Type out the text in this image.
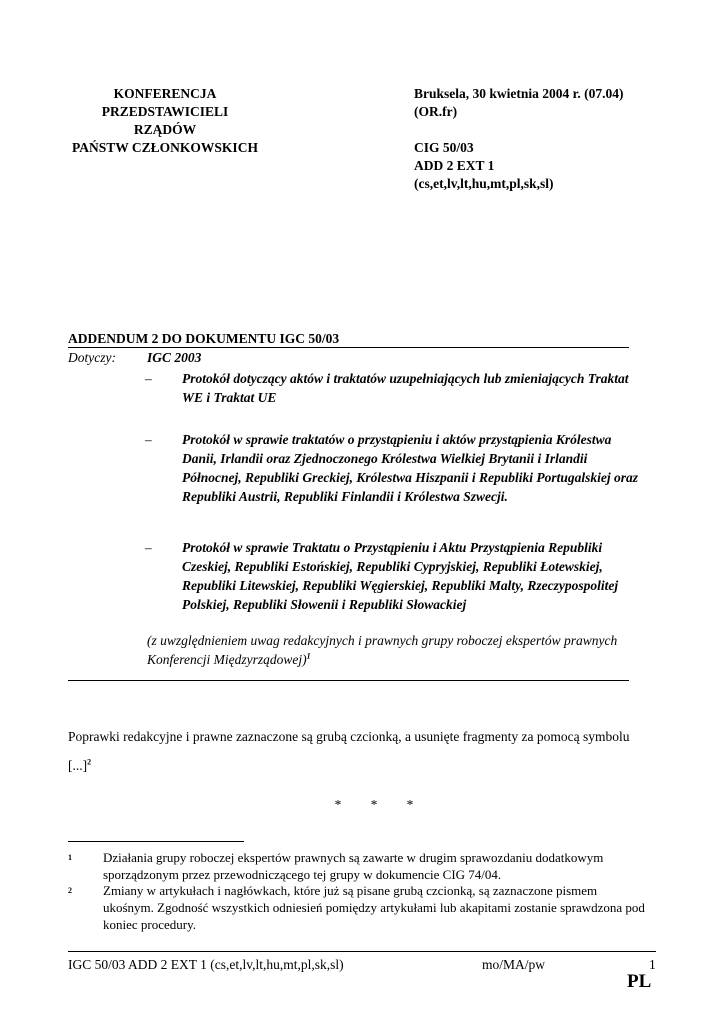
KONFERENCJA
PRZEDSTAWICIELI
RZĄDÓW
PAŃSTW CZŁONKOWSKICH
Bruksela, 30 kwietnia 2004 r. (07.04)
(OR.fr)
CIG 50/03
ADD 2 EXT 1
(cs,et,lv,lt,hu,mt,pl,sk,sl)
ADDENDUM 2 DO DOKUMENTU IGC 50/03
Dotyczy: IGC 2003
– Protokół dotyczący aktów i traktatów uzupełniających lub zmieniających Traktat WE i Traktat UE
– Protokół w sprawie traktatów o przystąpieniu i aktów przystąpienia Królestwa Danii, Irlandii oraz Zjednoczonego Królestwa Wielkiej Brytanii i Irlandii Północnej, Republiki Greckiej, Królestwa Hiszpanii i Republiki Portugalskiej oraz Republiki Austrii, Republiki Finlandii i Królestwa Szwecji.
– Protokół w sprawie Traktatu o Przystąpieniu i Aktu Przystąpienia Republiki Czeskiej, Republiki Estońskiej, Republiki Cypryjskiej, Republiki Łotewskiej, Republiki Litewskiej, Republiki Węgierskiej, Republiki Malty, Rzeczypospolitej Polskiej, Republiki Słowenii i Republiki Słowackiej
(z uwzględnieniem uwag redakcyjnych i prawnych grupy roboczej ekspertów prawnych Konferencji Międzyrządowej)$^1$
Poprawki redakcyjne i prawne zaznaczone są grubą czcionką, a usunięte fragmenty za pomocą symbolu [...]$^2$
* * *
1 Działania grupy roboczej ekspertów prawnych są zawarte w drugim sprawozdaniu dodatkowym sporządzonym przez przewodniczącego tej grupy w dokumencie CIG 74/04.
2 Zmiany w artykułach i nagłówkach, które już są pisane grubą czcionką, są zaznaczone pismem ukośnym. Zgodność wszystkich odniesień pomiędzy artykułami lub akapitami zostanie sprawdzona pod koniec procedury.
IGC 50/03 ADD 2 EXT 1 (cs,et,lv,lt,hu,mt,pl,sk,sl)	mo/MA/pw	1
PL
